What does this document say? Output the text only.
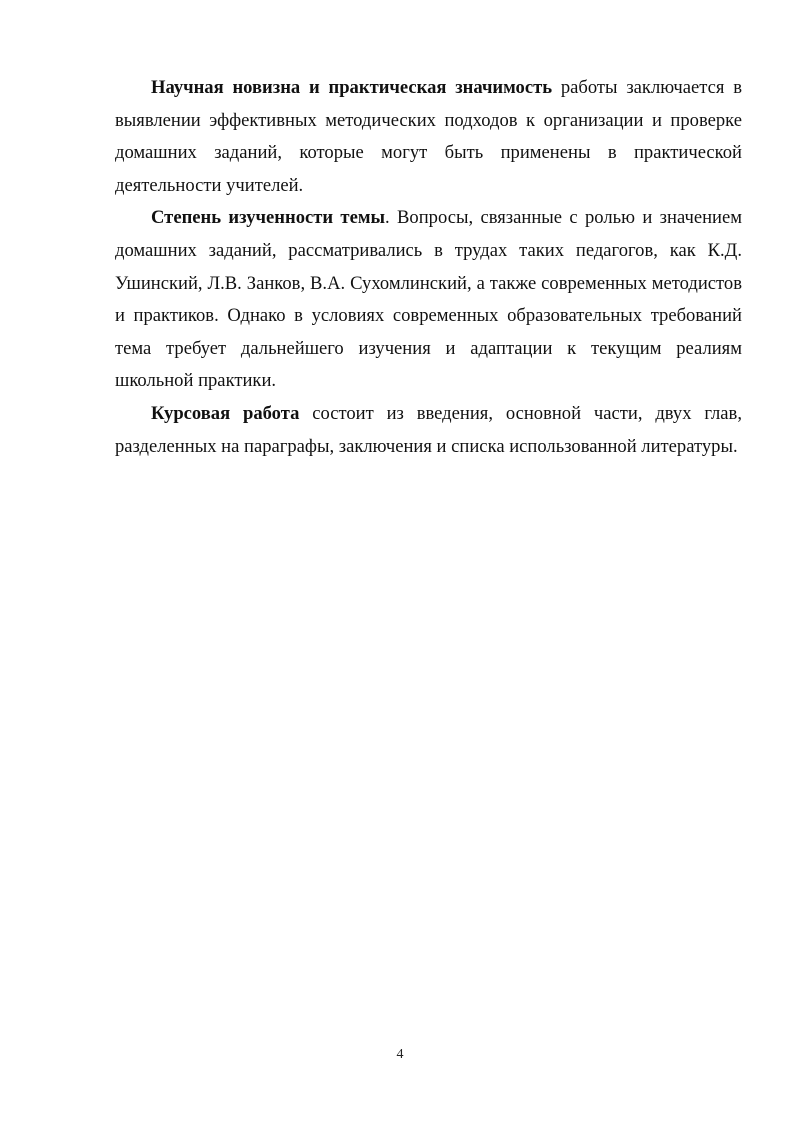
Научная новизна и практическая значимость работы заключается в выявлении эффективных методических подходов к организации и проверке домашних заданий, которые могут быть применены в практической деятельности учителей.

Степень изученности темы. Вопросы, связанные с ролью и значением домашних заданий, рассматривались в трудах таких педагогов, как К.Д. Ушинский, Л.В. Занков, В.А. Сухомлинский, а также современных методистов и практиков. Однако в условиях современных образовательных требований тема требует дальнейшего изучения и адаптации к текущим реалиям школьной практики.

Курсовая работа состоит из введения, основной части, двух глав, разделенных на параграфы, заключения и списка использованной литературы.

4
